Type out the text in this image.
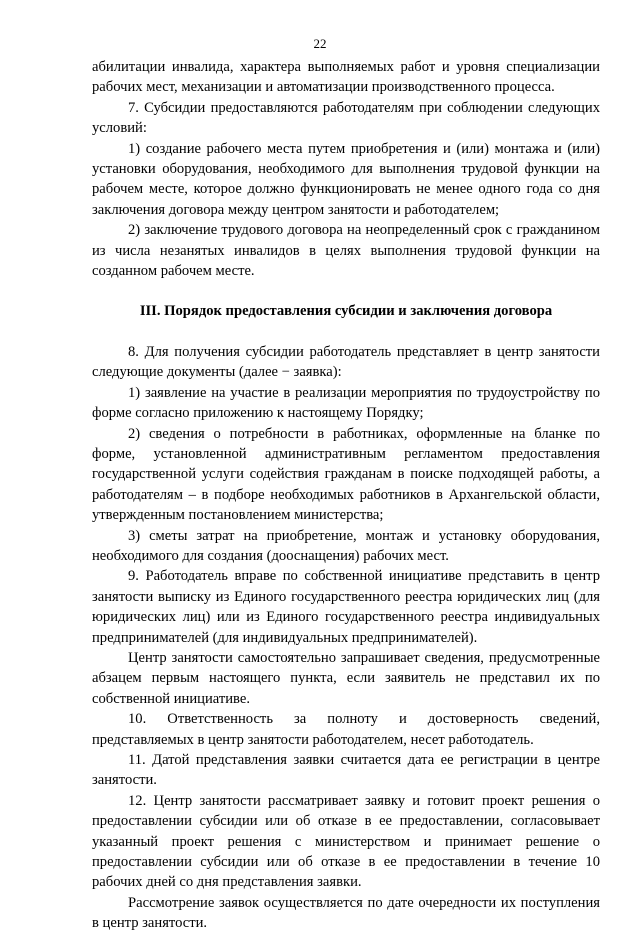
22

абилитации инвалида, характера выполняемых работ и уровня специализации рабочих мест, механизации и автоматизации производственного процесса.

7. Субсидии предоставляются работодателям при соблюдении следующих условий:

1) создание рабочего места путем приобретения и (или) монтажа и (или) установки оборудования, необходимого для выполнения трудовой функции на рабочем месте, которое должно функционировать не менее одного года со дня заключения договора между центром занятости и работодателем;

2) заключение трудового договора на неопределенный срок с гражданином из числа незанятых инвалидов в целях выполнения трудовой функции на созданном рабочем месте.

III. Порядок предоставления субсидии и заключения договора

8. Для получения субсидии работодатель представляет в центр занятости следующие документы (далее − заявка):

1) заявление на участие в реализации мероприятия по трудоустройству по форме согласно приложению к настоящему Порядку;

2) сведения о потребности в работниках, оформленные на бланке по форме, установленной административным регламентом предоставления государственной услуги содействия гражданам в поиске подходящей работы, а работодателям – в подборе необходимых работников в Архангельской области, утвержденным постановлением министерства;

3) сметы затрат на приобретение, монтаж и установку оборудования, необходимого для создания (дооснащения) рабочих мест.

9. Работодатель вправе по собственной инициативе представить в центр занятости выписку из Единого государственного реестра юридических лиц (для юридических лиц) или из Единого государственного реестра индивидуальных предпринимателей (для индивидуальных предпринимателей).

Центр занятости самостоятельно запрашивает сведения, предусмотренные абзацем первым настоящего пункта, если заявитель не представил их по собственной инициативе.

10. Ответственность за полноту и достоверность сведений, представляемых в центр занятости работодателем, несет работодатель.

11. Датой представления заявки считается дата ее регистрации в центре занятости.

12. Центр занятости рассматривает заявку и готовит проект решения о предоставлении субсидии или об отказе в ее предоставлении, согласовывает указанный проект решения с министерством и принимает решение о предоставлении субсидии или об отказе в ее предоставлении в течение 10 рабочих дней со дня представления заявки.

Рассмотрение заявок осуществляется по дате очередности их поступления в центр занятости.
